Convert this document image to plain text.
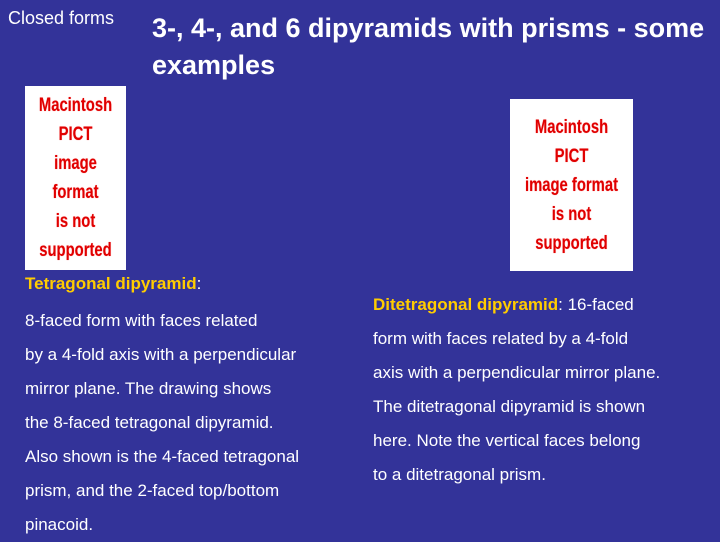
Closed forms 3-, 4-, and 6 dipyramids with prisms - some examples
Macintosh PICT
image format
is not supported
Macintosh PICT
image format
is not supported
Tetragonal dipyramid:
8-faced form with faces related
by a 4-fold axis with a perpendicular
mirror plane. The drawing shows
the 8-faced tetragonal dipyramid.
Also shown is the 4-faced tetragonal
prism, and the 2-faced top/bottom
pinacoid.
Ditetragonal dipyramid: 16-faced
form with faces related by a 4-fold
axis with a perpendicular mirror plane.
The ditetragonal dipyramid is shown
here. Note the vertical faces belong
to a ditetragonal prism.
